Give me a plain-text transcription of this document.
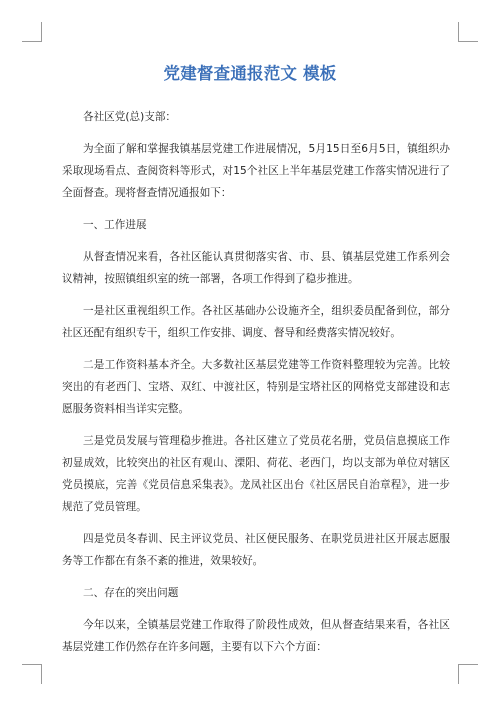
党建督查通报范文 模板

各社区党(总)支部：

为全面了解和掌握我镇基层党建工作进展情况，5月15日至6月5日，镇组织办采取现场看点、查阅资料等形式，对15个社区上半年基层党建工作落实情况进行了全面督查。现将督查情况通报如下：

一、工作进展

从督查情况来看，各社区能认真贯彻落实省、市、县、镇基层党建工作系列会议精神，按照镇组织室的统一部署，各项工作得到了稳步推进。

一是社区重视组织工作。各社区基础办公设施齐全，组织委员配备到位，部分社区还配有组织专干，组织工作安排、调度、督导和经费落实情况较好。

二是工作资料基本齐全。大多数社区基层党建等工作资料整理较为完善。比较突出的有老西门、宝塔、双红、中渡社区，特别是宝塔社区的网格党支部建设和志愿服务资料相当详实完整。

三是党员发展与管理稳步推进。各社区建立了党员花名册，党员信息摸底工作初显成效，比较突出的社区有观山、溧阳、荷花、老西门，均以支部为单位对辖区党员摸底，完善《党员信息采集表》。龙凤社区出台《社区居民自治章程》，进一步规范了党员管理。

四是党员冬春训、民主评议党员、社区便民服务、在职党员进社区开展志愿服务等工作都在有条不紊的推进，效果较好。

二、存在的突出问题

今年以来，全镇基层党建工作取得了阶段性成效，但从督查结果来看，各社区基层党建工作仍然存在许多问题，主要有以下六个方面：
